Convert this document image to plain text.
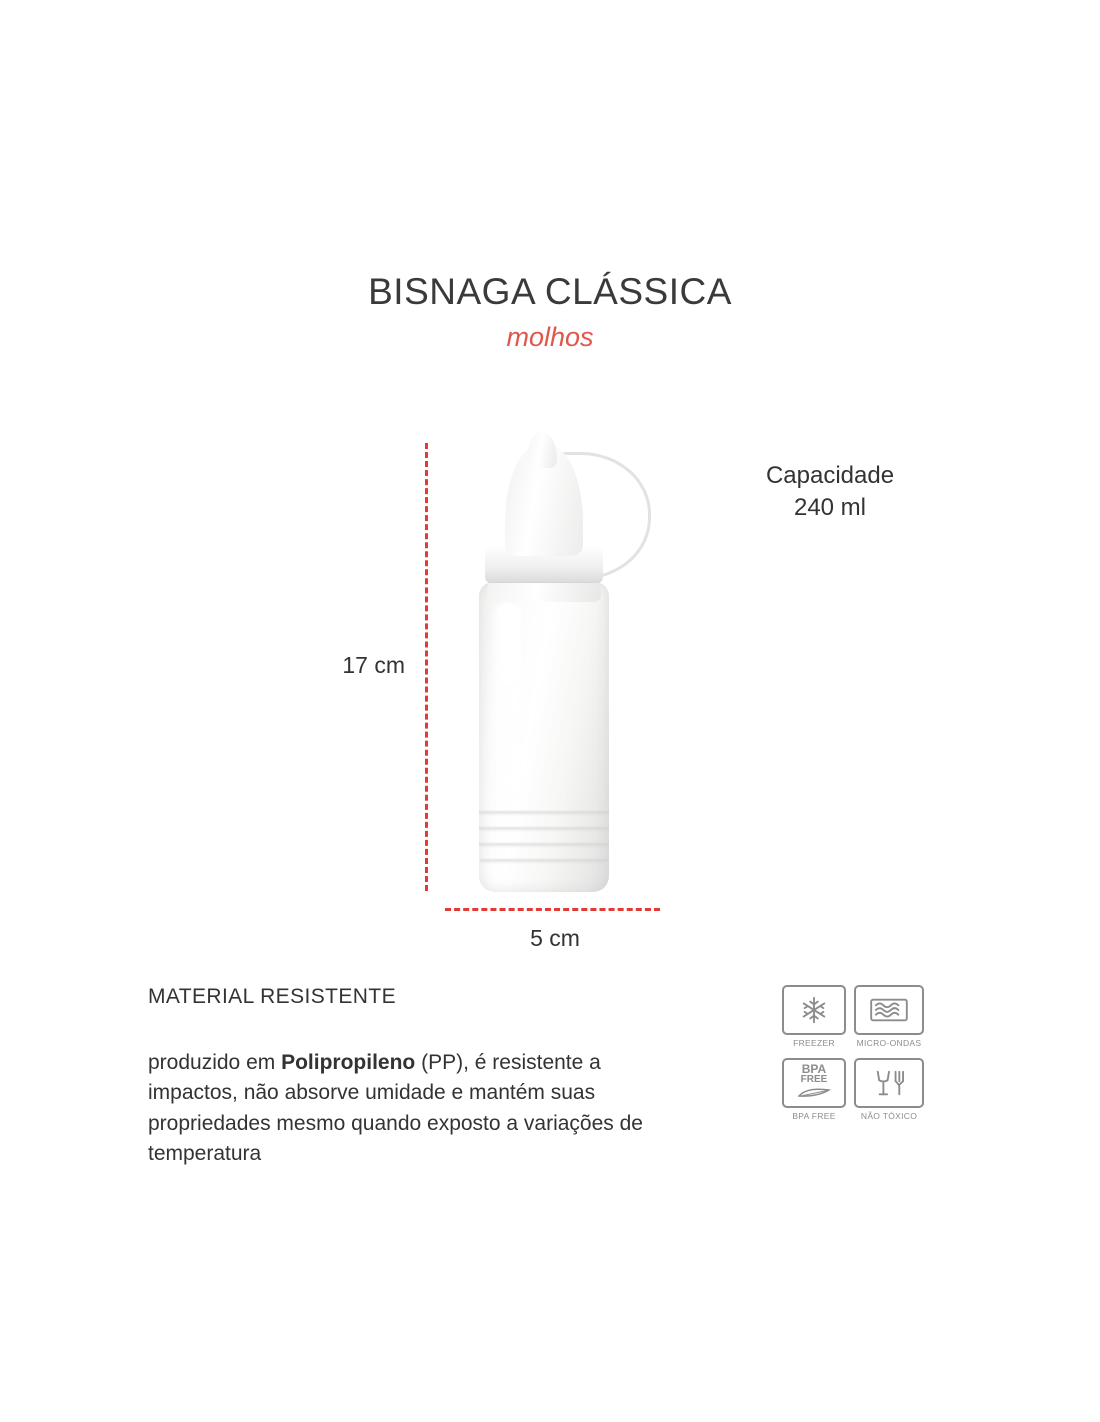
BISNAGA CLÁSSICA
molhos
17 cm
5 cm
Capacidade
240 ml
MATERIAL RESISTENTE
produzido em Polipropileno (PP), é resistente a impactos, não absorve umidade e mantém suas propriedades mesmo quando exposto a variações de temperatura
FREEZER	MICRO-ONDAS
BPA
FREE
BPA FREE	NÃO TÓXICO
